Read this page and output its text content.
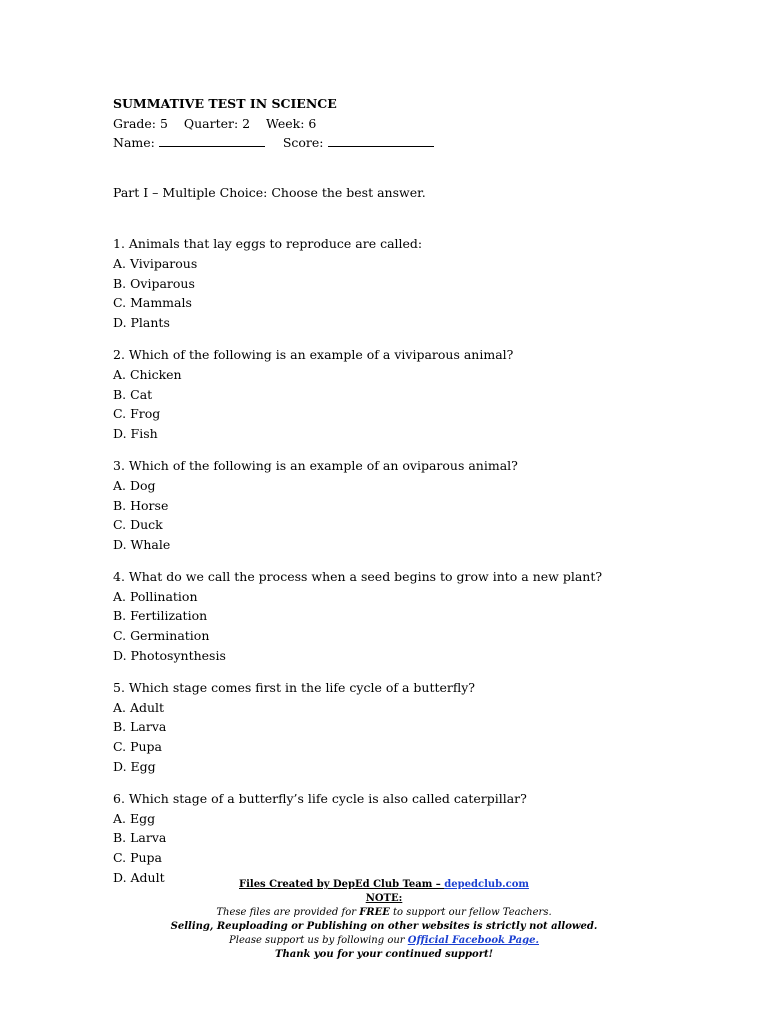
SUMMATIVE TEST IN SCIENCE
Grade: 5    Quarter: 2    Week: 6
Name:	Score:
Part I – Multiple Choice: Choose the best answer.
1. Animals that lay eggs to reproduce are called:
A. Viviparous
B. Oviparous
C. Mammals
D. Plants
2. Which of the following is an example of a viviparous animal?
A. Chicken
B. Cat
C. Frog
D. Fish
3. Which of the following is an example of an oviparous animal?
A. Dog
B. Horse
C. Duck
D. Whale
4. What do we call the process when a seed begins to grow into a new plant?
A. Pollination
B. Fertilization
C. Germination
D. Photosynthesis
5. Which stage comes first in the life cycle of a butterfly?
A. Adult
B. Larva
C. Pupa
D. Egg
6. Which stage of a butterfly’s life cycle is also called caterpillar?
A. Egg
B. Larva
C. Pupa
D. Adult	Files Created by DepEd Club Team – depedclub.com
NOTE:
These files are provided for FREE to support our fellow Teachers.
Selling, Reuploading or Publishing on other websites is strictly not allowed.
Please support us by following our Official Facebook Page.
Thank you for your continued support!
